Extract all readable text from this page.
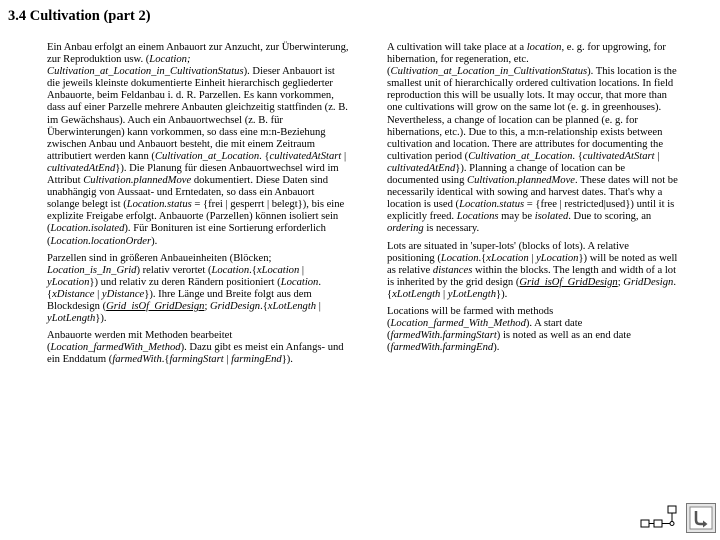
3.4 Cultivation (part 2)

Ein Anbau erfolgt an einem Anbauort zur Anzucht, zur Überwinterung, zur Reproduktion usw. (Location; Cultivation_at_Location_in_CultivationStatus). Dieser Anbauort ist die jeweils kleinste dokumentierte Einheit hierarchisch gegliederter Anbauorte, beim Feldanbau i. d. R. Parzellen. Es kann vorkommen, dass auf einer Parzelle mehrere Anbauten gleichzeitig stattfinden (z. B. im Gewächshaus). Auch ein Anbauortwechsel (z. B. für Überwinterungen) kann vorkommen, so dass eine m:n-Beziehung zwischen Anbau und Anbauort besteht, die mit einem Zeitraum attributiert werden kann (Cultivation_at_Location. {cultivatedAtStart | cultivatedAtEnd}). Die Planung für diesen Anbauortwechsel wird im Attribut Cultivation.plannedMove dokumentiert. Diese Daten sind unabhängig von Aussaat- und Erntedaten, so dass ein Anbauort solange belegt ist (Location.status = {frei | gesperrt | belegt}), bis eine explizite Freigabe erfolgt. Anbauorte (Parzellen) können isoliert sein (Location.isolated). Für Bonituren ist eine Sortierung erforderlich (Location.locationOrder).

Parzellen sind in größeren Anbaueinheiten (Blöcken; Location_is_In_Grid) relativ verortet (Location.{xLocation | yLocation}) und relativ zu deren Rändern positioniert (Location.{xDistance | yDistance}). Ihre Länge und Breite folgt aus dem Blockdesign (Grid_isOf_GridDesign; GridDesign.{xLotLength | yLotLength}).

Anbauorte werden mit Methoden bearbeitet (Location_farmedWith_Method). Dazu gibt es meist ein Anfangs- und ein Enddatum (farmedWith.{farmingStart | farmingEnd}).

A cultivation will take place at a location, e. g. for upgrowing, for hibernation, for regeneration, etc. (Cultivation_at_Location_in_CultivationStatus). This location is the smallest unit of hierarchically ordered cultivation locations. In field reproduction this will be usually lots. It may occur, that more than one cultivations will grow on the same lot (e. g. in greenhouses). Nevertheless, a change of location can be planned (e. g. for hibernations, etc.). Due to this, a m:n-relationship exists between cultivation and location. There are attributes for documenting the cultivation period (Cultivation_at_Location. {cultivatedAtStart | cultivatedAtEnd}). Planning a change of location can be documented using Cultivation.plannedMove. These dates will not be necessarily identical with sowing and harvest dates. That's why a location is used (Location.status = {free | restricted|used}) until it is explicitly freed. Locations may be isolated. Due to scoring, an ordering is necessary.

Lots are situated in 'super-lots' (blocks of lots). A relative positioning (Location.{xLocation | yLocation}) will be noted as well as relative distances within the blocks. The length and width of a lot is inherited by the grid design (Grid_isOf_GridDesign; GridDesign.{xLotLength | yLotLength}).

Locations will be farmed with methods (Location_farmed_With_Method). A start date (farmedWith.farmingStart) is noted as well as an end date (farmedWith.farmingEnd).
